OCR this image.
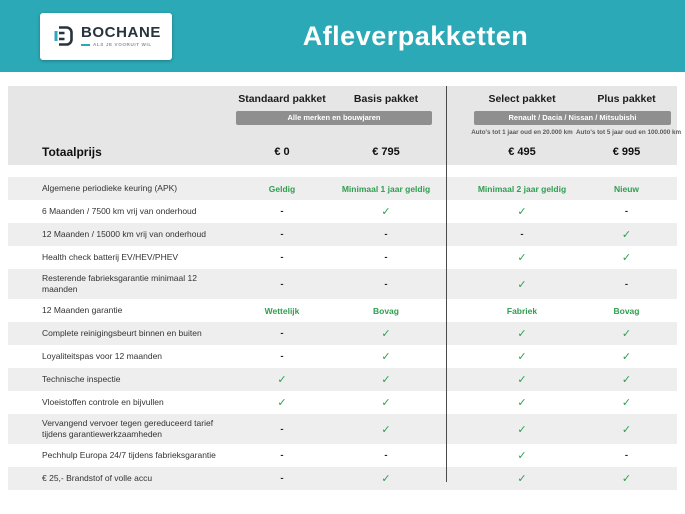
BOCHANE
ALS JE VOORUIT WIL	Afleverpakketten
Standaard pakket	Basis pakket	Select pakket	Plus pakket
Alle merken en bouwjaren	Renault / Dacia / Nissan / Mitsubishi
Auto's tot 1 jaar oud en 20.000 km Auto's tot 5 jaar oud en 100.000 km
Totaalprijs	€ 0	€ 795	€ 495	€ 995
Algemene periodieke keuring (APK)	Geldig	Minimaal 1 jaar geldig	Minimaal 2 jaar geldig	Nieuw
6 Maanden / 7500 km vrij van onderhoud	-	✓	✓	-
12 Maanden / 15000 km vrij van onderhoud	-	-	-	✓
Health check batterij EV/HEV/PHEV	-	-	✓	✓
Resterende fabrieksgarantie minimaal 12 maanden	-	-	✓	-
12 Maanden garantie	Wettelijk	Bovag	Fabriek	Bovag
Complete reinigingsbeurt binnen en buiten	-	✓	✓	✓
Loyaliteitspas voor 12 maanden	-	✓	✓	✓
Technische inspectie	✓	✓	✓	✓
Vloeistoffen controle en bijvullen	✓	✓	✓	✓
Vervangend vervoer tegen gereduceerd tarief tijdens garantiewerkzaamheden	-	✓	✓	✓
Pechhulp Europa 24/7 tijdens fabrieksgarantie	-	-	✓	-
€ 25,- Brandstof of volle accu	-	✓	✓	✓
